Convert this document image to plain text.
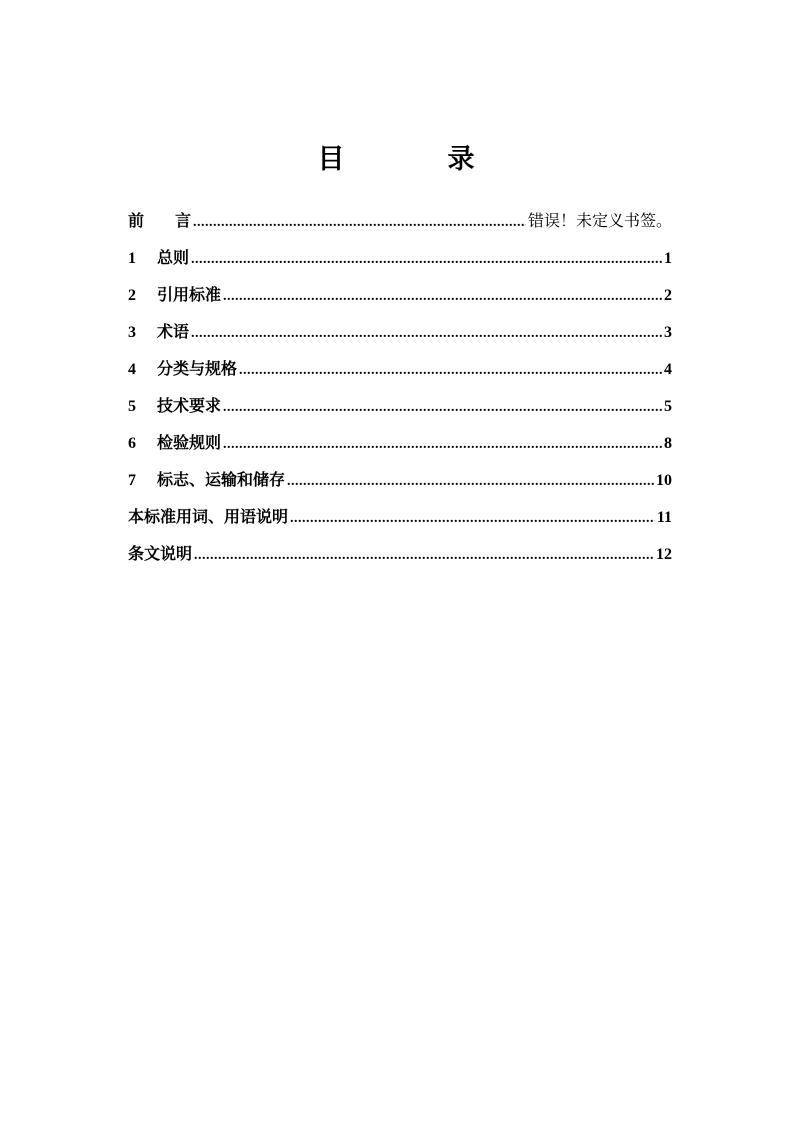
目　录
前言 .....	错误！未定义书签。
1	总则 .....	1
2	引用标准 .....	2
3	术语 .....	3
4	分类与规格 .....	4
5	技术要求 .....	5
6	检验规则 .....	8
7	标志、运输和储存 .....	10
本标准用词、用语说明 .....	11
条文说明 .....	12
